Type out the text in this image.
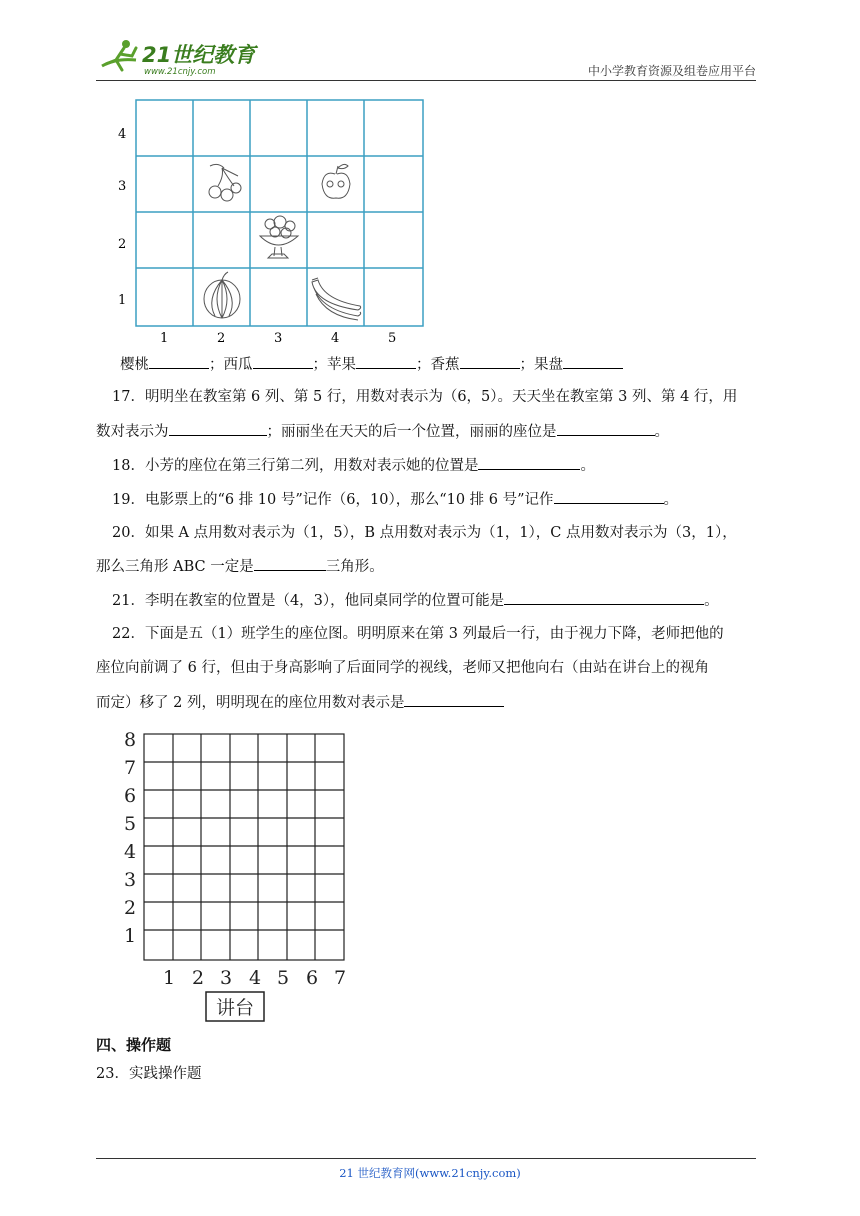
21世纪教育
www.21cnjy.com	中小学教育资源及组卷应用平台
4
3
2
1
1	2	3	4	5
樱桃	；西瓜	；苹果	；香蕉	；果盘
17．明明坐在教室第 6 列、第 5 行，用数对表示为（6，5）。天天坐在教室第 3 列、第 4 行，用
数对表示为	；丽丽坐在天天的后一个位置，丽丽的座位是	。
18．小芳的座位在第三行第二列，用数对表示她的位置是	。
19．电影票上的“6 排 10 号”记作（6，10），那么“10 排 6 号”记作	。
20．如果 A 点用数对表示为（1，5），B 点用数对表示为（1，1），C 点用数对表示为（3，1），
那么三角形 ABC 一定是	三角形。
21．李明在教室的位置是（4，3），他同桌同学的位置可能是	。
22．下面是五（1）班学生的座位图。明明原来在第 3 列最后一行，由于视力下降，老师把他的
座位向前调了 6 行，但由于身高影响了后面同学的视线，老师又把他向右（由站在讲台上的视角
而定）移了 2 列，明明现在的座位用数对表示是
8
7
6
5
4
3
2
1
1 2 3 4 5 6 7
讲台
四、操作题
23．实践操作题
21 世纪教育网(www.21cnjy.com)
